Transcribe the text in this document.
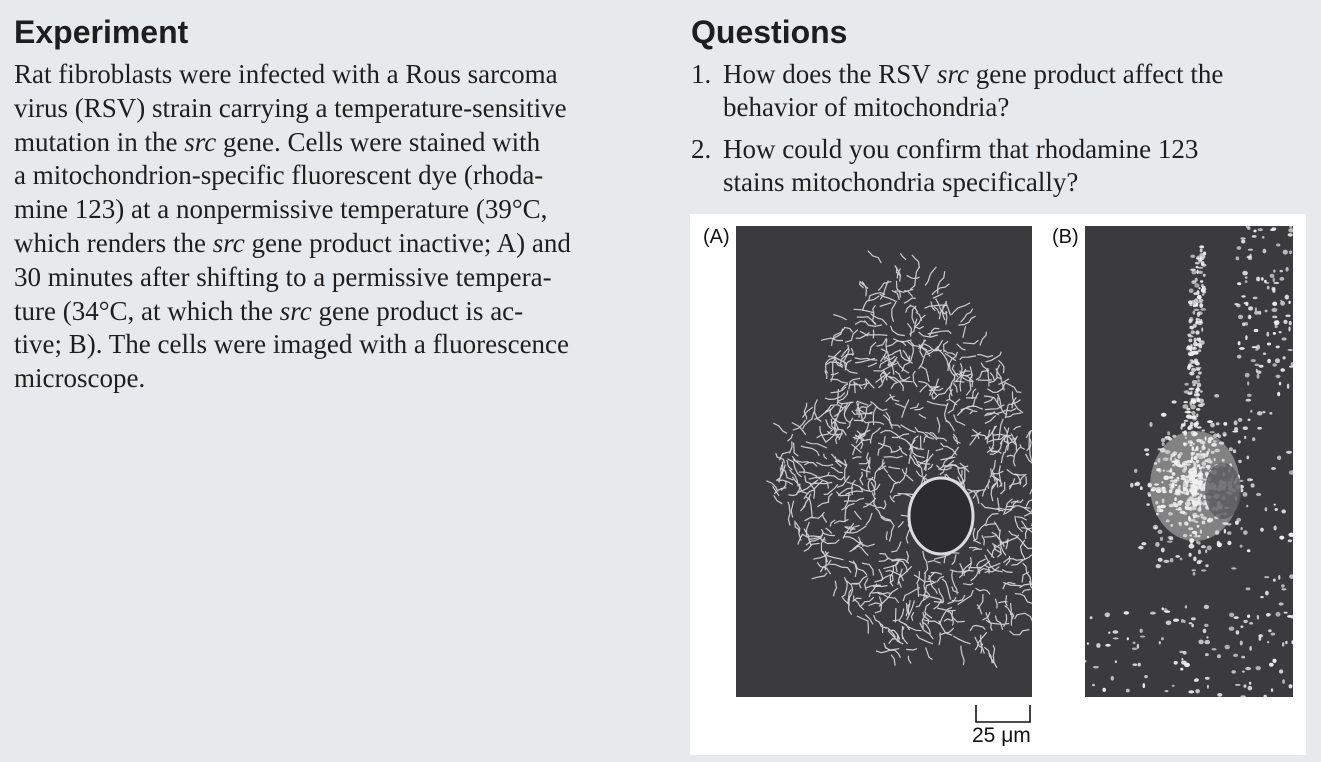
Experiment
Rat fibroblasts were infected with a Rous sarcoma
virus (RSV) strain carrying a temperature-sensitive
mutation in the src gene. Cells were stained with
a mitochondrion-specific fluorescent dye (rhoda-
mine 123) at a nonpermissive temperature (39°C,
which renders the src gene product inactive; A) and
30 minutes after shifting to a permissive tempera-
ture (34°C, at which the src gene product is ac-
tive; B). The cells were imaged with a fluorescence
microscope.
Questions
1. How does the RSV src gene product affect the
behavior of mitochondria?
2. How could you confirm that rhodamine 123
stains mitochondria specifically?
(A)	(B)
25 μm
